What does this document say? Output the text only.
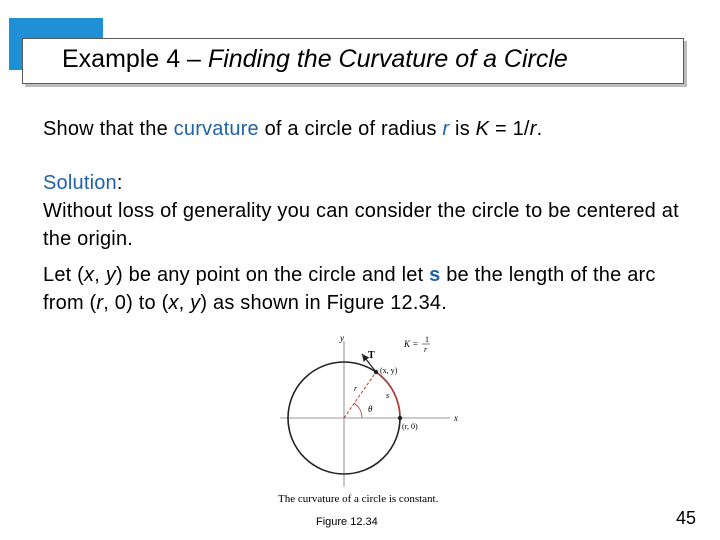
Example 4 – Finding the Curvature of a Circle
Show that the curvature of a circle of radius r is K = 1/r.
Solution:
Without loss of generality you can consider the circle to be centered at the origin.
Let (x, y) be any point on the circle and let s be the length of the arc from (r, 0) to (x, y) as shown in Figure 12.34.
y
x
T
K = 1
r
(x, y)
(r, 0)
s
r
θ
The curvature of a circle is constant.
Figure 12.34	45
